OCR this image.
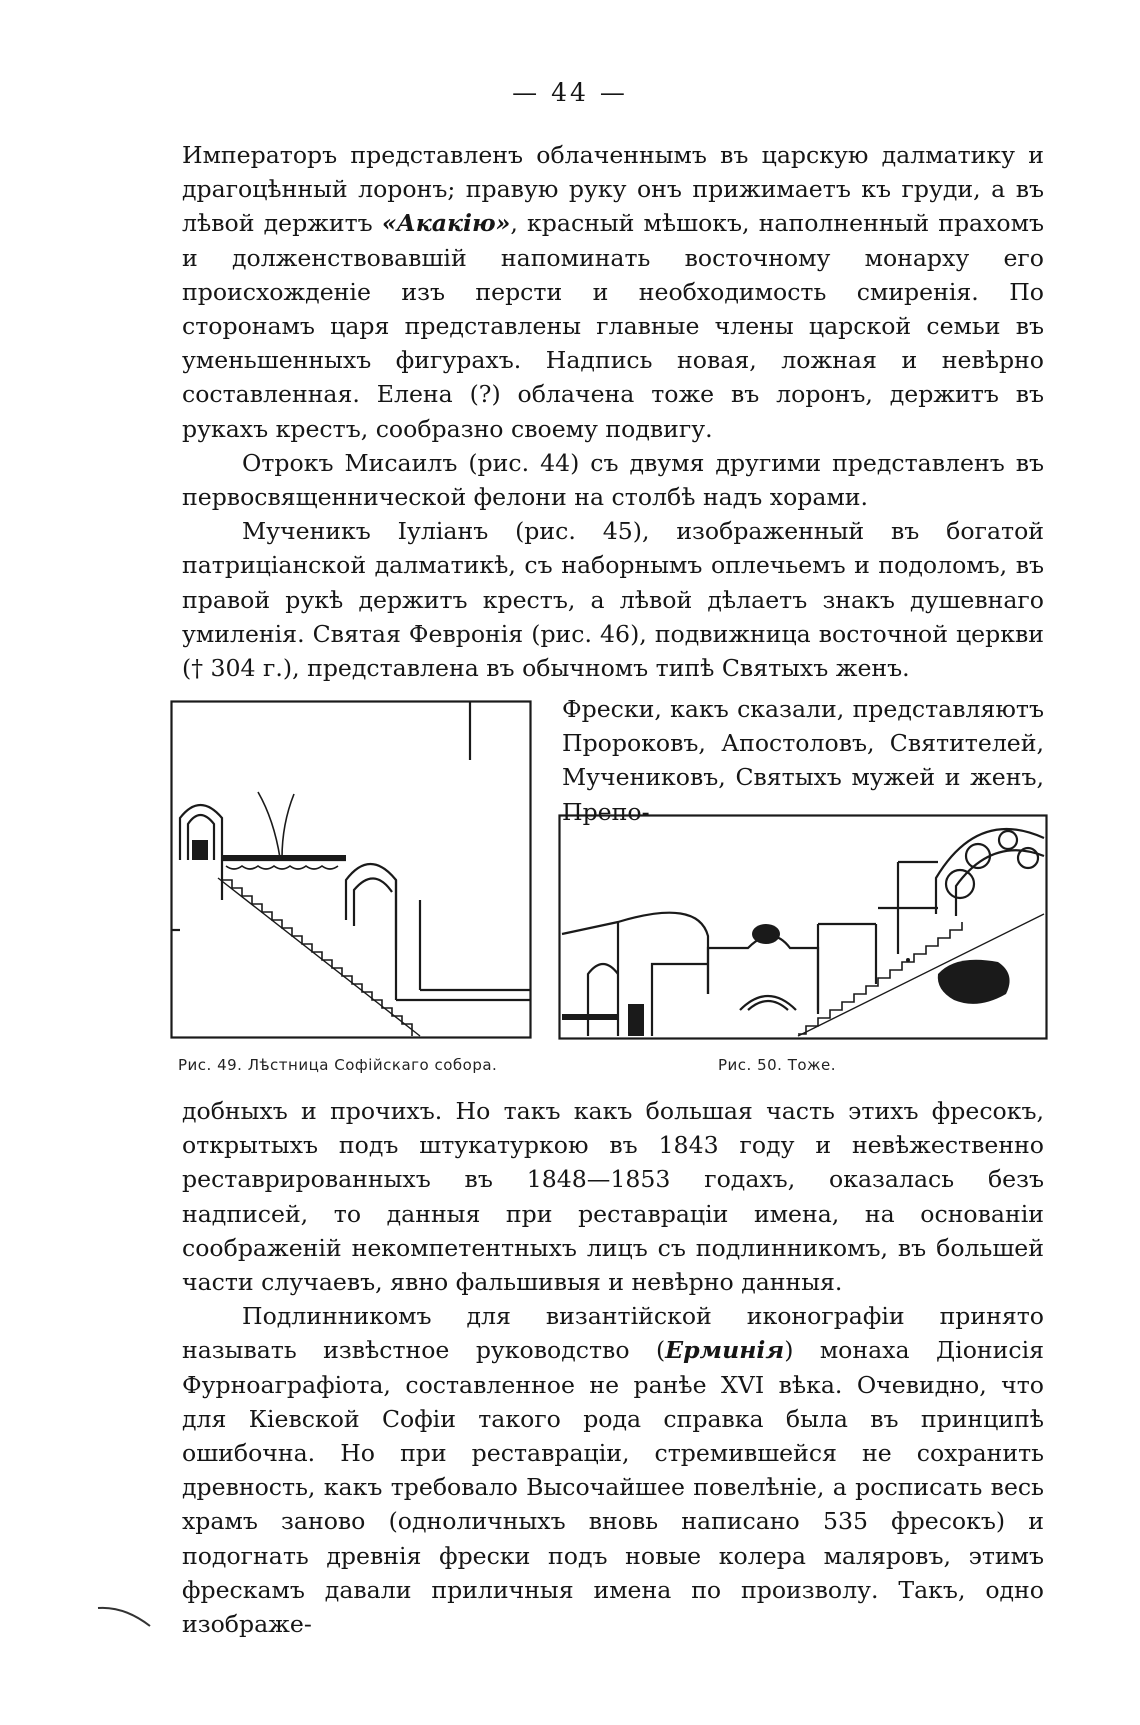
— 44 —

Императоръ представленъ облаченнымъ въ царскую далматику и драгоцѣнный лоронъ; правую руку онъ прижимаетъ къ груди, а въ лѣвой держитъ «Акакію», красный мѣшокъ, наполненный прахомъ и долженствовавшій напоминать восточному монарху его происхожденіе изъ персти и необходимость смиренія. По сторонамъ царя представлены главные члены царской семьи въ уменьшенныхъ фигурахъ. Надпись новая, ложная и невѣрно составленная. Елена (?) облачена тоже въ лоронъ, держитъ въ рукахъ крестъ, сообразно своему подвигу.

Отрокъ Мисаилъ (рис. 44) съ двумя другими представленъ въ первосвященнической фелони на столбѣ надъ хорами.

Мученикъ Іуліанъ (рис. 45), изображенный въ богатой патриціанской далматикѣ, съ наборнымъ оплечьемъ и подоломъ, въ правой рукѣ держитъ крестъ, а лѣвой дѣлаетъ знакъ душевнаго умиленія. Святая Февронія (рис. 46), подвижница восточной церкви († 304 г.), представлена въ обычномъ типѣ Святыхъ женъ.

Рис. 49. Лѣстница Софійскаго собора.	Рис. 50. Тоже.
Фрески, какъ сказали, представляютъ Пророковъ, Апостоловъ, Святителей, Мучениковъ, Святыхъ мужей и женъ, Препо-

добныхъ и прочихъ. Но такъ какъ большая часть этихъ фресокъ, открытыхъ подъ штукатуркою въ 1843 году и невѣжественно реставрированныхъ въ 1848—1853 годахъ, оказалась безъ надписей, то данныя при реставраціи имена, на основаніи соображеній некомпетентныхъ лицъ съ подлинникомъ, въ большей части случаевъ, явно фальшивыя и невѣрно данныя.

Подлинникомъ для византійской иконографіи принято называть извѣстное руководство (Ерминія) монаха Діонисія Фурноаграфіота, составленное не ранѣе XVI вѣка. Очевидно, что для Кіевской Софіи такого рода справка была въ принципѣ ошибочна. Но при реставраціи, стремившейся не сохранить древность, какъ требовало Высочайшее повелѣніе, а росписать весь храмъ заново (одноличныхъ вновь написано 535 фресокъ) и подогнать древнія фрески подъ новые колера маляровъ, этимъ фрескамъ давали приличныя имена по произволу. Такъ, одно изображе-
